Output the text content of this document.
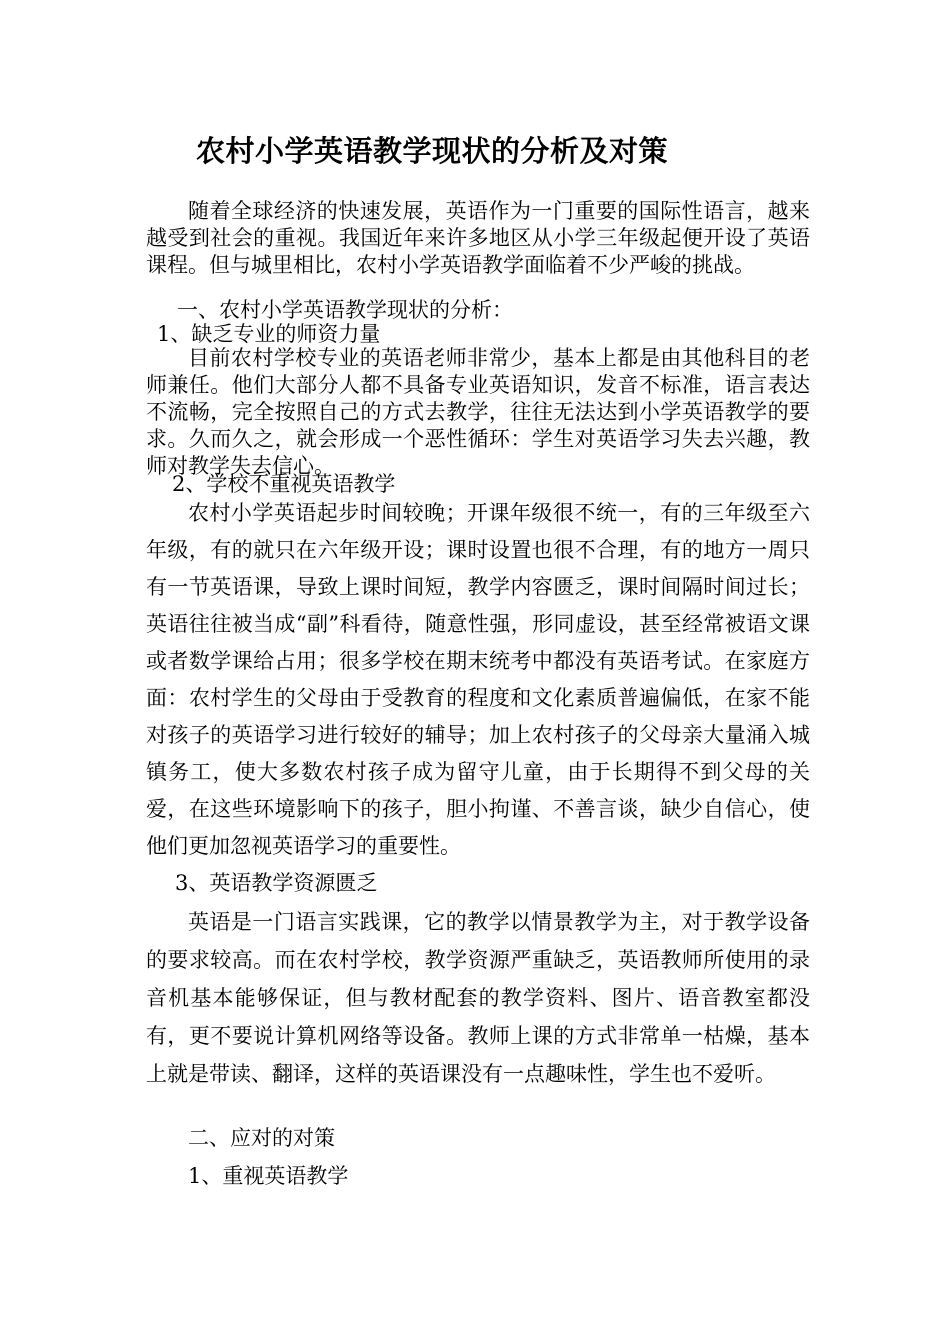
农村小学英语教学现状的分析及对策

随着全球经济的快速发展，英语作为一门重要的国际性语言，越来越受到社会的重视。我国近年来许多地区从小学三年级起便开设了英语课程。但与城里相比，农村小学英语教学面临着不少严峻的挑战。

一、农村小学英语教学现状的分析：
1、缺乏专业的师资力量

目前农村学校专业的英语老师非常少，基本上都是由其他科目的老师兼任。他们大部分人都不具备专业英语知识，发音不标准，语言表达不流畅，完全按照自己的方式去教学，往往无法达到小学英语教学的要求。久而久之，就会形成一个恶性循环：学生对英语学习失去兴趣，教师对教学失去信心。

2、学校不重视英语教学

农村小学英语起步时间较晚；开课年级很不统一，有的三年级至六年级，有的就只在六年级开设；课时设置也很不合理，有的地方一周只有一节英语课，导致上课时间短，教学内容匮乏，课时间隔时间过长；英语往往被当成“副”科看待，随意性强，形同虚设，甚至经常被语文课或者数学课给占用；很多学校在期末统考中都没有英语考试。在家庭方面：农村学生的父母由于受教育的程度和文化素质普遍偏低，在家不能对孩子的英语学习进行较好的辅导；加上农村孩子的父母亲大量涌入城镇务工，使大多数农村孩子成为留守儿童，由于长期得不到父母的关爱，在这些环境影响下的孩子，胆小拘谨、不善言谈，缺少自信心，使他们更加忽视英语学习的重要性。

3、英语教学资源匮乏

英语是一门语言实践课，它的教学以情景教学为主，对于教学设备的要求较高。而在农村学校，教学资源严重缺乏，英语教师所使用的录音机基本能够保证，但与教材配套的教学资料、图片、语音教室都没有，更不要说计算机网络等设备。教师上课的方式非常单一枯燥，基本上就是带读、翻译，这样的英语课没有一点趣味性，学生也不爱听。

二、应对的对策
1、重视英语教学
